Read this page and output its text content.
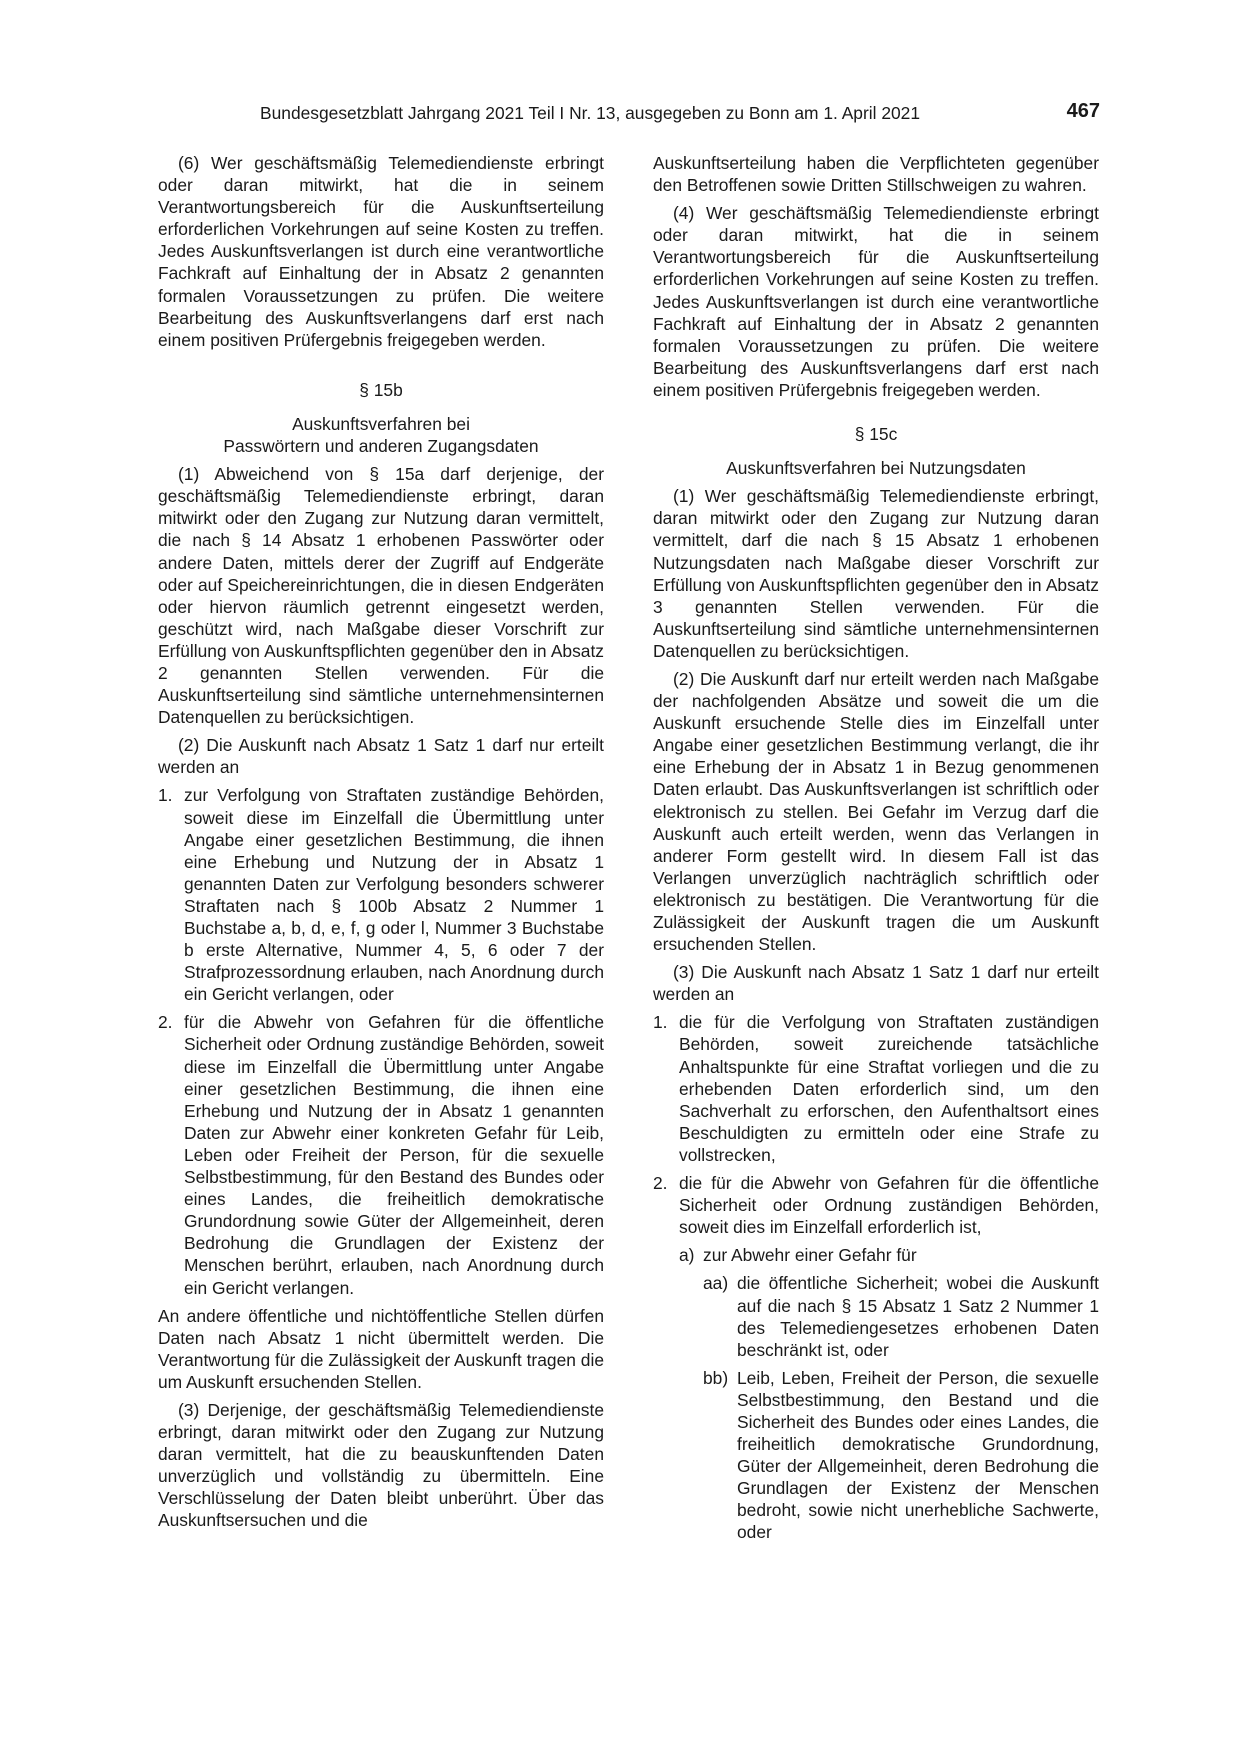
Bundesgesetzblatt Jahrgang 2021 Teil I Nr. 13, ausgegeben zu Bonn am 1. April 2021	467

(6) Wer geschäftsmäßig Telemediendienste erbringt oder daran mitwirkt, hat die in seinem Verantwortungsbereich für die Auskunftserteilung erforderlichen Vorkehrungen auf seine Kosten zu treffen. Jedes Auskunftsverlangen ist durch eine verantwortliche Fachkraft auf Einhaltung der in Absatz 2 genannten formalen Voraussetzungen zu prüfen. Die weitere Bearbeitung des Auskunftsverlangens darf erst nach einem positiven Prüfergebnis freigegeben werden.

§ 15b
Auskunftsverfahren bei
Passwörtern und anderen Zugangsdaten

(1) Abweichend von § 15a darf derjenige, der geschäftsmäßig Telemediendienste erbringt, daran mitwirkt oder den Zugang zur Nutzung daran vermittelt, die nach § 14 Absatz 1 erhobenen Passwörter oder andere Daten, mittels derer der Zugriff auf Endgeräte oder auf Speichereinrichtungen, die in diesen Endgeräten oder hiervon räumlich getrennt eingesetzt werden, geschützt wird, nach Maßgabe dieser Vorschrift zur Erfüllung von Auskunftspflichten gegenüber den in Absatz 2 genannten Stellen verwenden. Für die Auskunftserteilung sind sämtliche unternehmensinternen Datenquellen zu berücksichtigen.

(2) Die Auskunft nach Absatz 1 Satz 1 darf nur erteilt werden an

1. zur Verfolgung von Straftaten zuständige Behörden, soweit diese im Einzelfall die Übermittlung unter Angabe einer gesetzlichen Bestimmung, die ihnen eine Erhebung und Nutzung der in Absatz 1 genannten Daten zur Verfolgung besonders schwerer Straftaten nach § 100b Absatz 2 Nummer 1 Buchstabe a, b, d, e, f, g oder l, Nummer 3 Buchstabe b erste Alternative, Nummer 4, 5, 6 oder 7 der Strafprozessordnung erlauben, nach Anordnung durch ein Gericht verlangen, oder
2. für die Abwehr von Gefahren für die öffentliche Sicherheit oder Ordnung zuständige Behörden, soweit diese im Einzelfall die Übermittlung unter Angabe einer gesetzlichen Bestimmung, die ihnen eine Erhebung und Nutzung der in Absatz 1 genannten Daten zur Abwehr einer konkreten Gefahr für Leib, Leben oder Freiheit der Person, für die sexuelle Selbstbestimmung, für den Bestand des Bundes oder eines Landes, die freiheitlich demokratische Grundordnung sowie Güter der Allgemeinheit, deren Bedrohung die Grundlagen der Existenz der Menschen berührt, erlauben, nach Anordnung durch ein Gericht verlangen.

An andere öffentliche und nichtöffentliche Stellen dürfen Daten nach Absatz 1 nicht übermittelt werden. Die Verantwortung für die Zulässigkeit der Auskunft tragen die um Auskunft ersuchenden Stellen.

(3) Derjenige, der geschäftsmäßig Telemediendienste erbringt, daran mitwirkt oder den Zugang zur Nutzung daran vermittelt, hat die zu beauskunftenden Daten unverzüglich und vollständig zu übermitteln. Eine Verschlüsselung der Daten bleibt unberührt. Über das Auskunftsersuchen und die

Auskunftserteilung haben die Verpflichteten gegenüber den Betroffenen sowie Dritten Stillschweigen zu wahren.

(4) Wer geschäftsmäßig Telemediendienste erbringt oder daran mitwirkt, hat die in seinem Verantwortungsbereich für die Auskunftserteilung erforderlichen Vorkehrungen auf seine Kosten zu treffen. Jedes Auskunftsverlangen ist durch eine verantwortliche Fachkraft auf Einhaltung der in Absatz 2 genannten formalen Voraussetzungen zu prüfen. Die weitere Bearbeitung des Auskunftsverlangens darf erst nach einem positiven Prüfergebnis freigegeben werden.

§ 15c
Auskunftsverfahren bei Nutzungsdaten

(1) Wer geschäftsmäßig Telemediendienste erbringt, daran mitwirkt oder den Zugang zur Nutzung daran vermittelt, darf die nach § 15 Absatz 1 erhobenen Nutzungsdaten nach Maßgabe dieser Vorschrift zur Erfüllung von Auskunftspflichten gegenüber den in Absatz 3 genannten Stellen verwenden. Für die Auskunftserteilung sind sämtliche unternehmensinternen Datenquellen zu berücksichtigen.

(2) Die Auskunft darf nur erteilt werden nach Maßgabe der nachfolgenden Absätze und soweit die um die Auskunft ersuchende Stelle dies im Einzelfall unter Angabe einer gesetzlichen Bestimmung verlangt, die ihr eine Erhebung der in Absatz 1 in Bezug genommenen Daten erlaubt. Das Auskunftsverlangen ist schriftlich oder elektronisch zu stellen. Bei Gefahr im Verzug darf die Auskunft auch erteilt werden, wenn das Verlangen in anderer Form gestellt wird. In diesem Fall ist das Verlangen unverzüglich nachträglich schriftlich oder elektronisch zu bestätigen. Die Verantwortung für die Zulässigkeit der Auskunft tragen die um Auskunft ersuchenden Stellen.

(3) Die Auskunft nach Absatz 1 Satz 1 darf nur erteilt werden an

1. die für die Verfolgung von Straftaten zuständigen Behörden, soweit zureichende tatsächliche Anhaltspunkte für eine Straftat vorliegen und die zu erhebenden Daten erforderlich sind, um den Sachverhalt zu erforschen, den Aufenthaltsort eines Beschuldigten zu ermitteln oder eine Strafe zu vollstrecken,
2. die für die Abwehr von Gefahren für die öffentliche Sicherheit oder Ordnung zuständigen Behörden, soweit dies im Einzelfall erforderlich ist,
a) zur Abwehr einer Gefahr für
aa) die öffentliche Sicherheit; wobei die Auskunft auf die nach § 15 Absatz 1 Satz 2 Nummer 1 des Telemediengesetzes erhobenen Daten beschränkt ist, oder
bb) Leib, Leben, Freiheit der Person, die sexuelle Selbstbestimmung, den Bestand und die Sicherheit des Bundes oder eines Landes, die freiheitlich demokratische Grundordnung, Güter der Allgemeinheit, deren Bedrohung die Grundlagen der Existenz der Menschen bedroht, sowie nicht unerhebliche Sachwerte, oder
